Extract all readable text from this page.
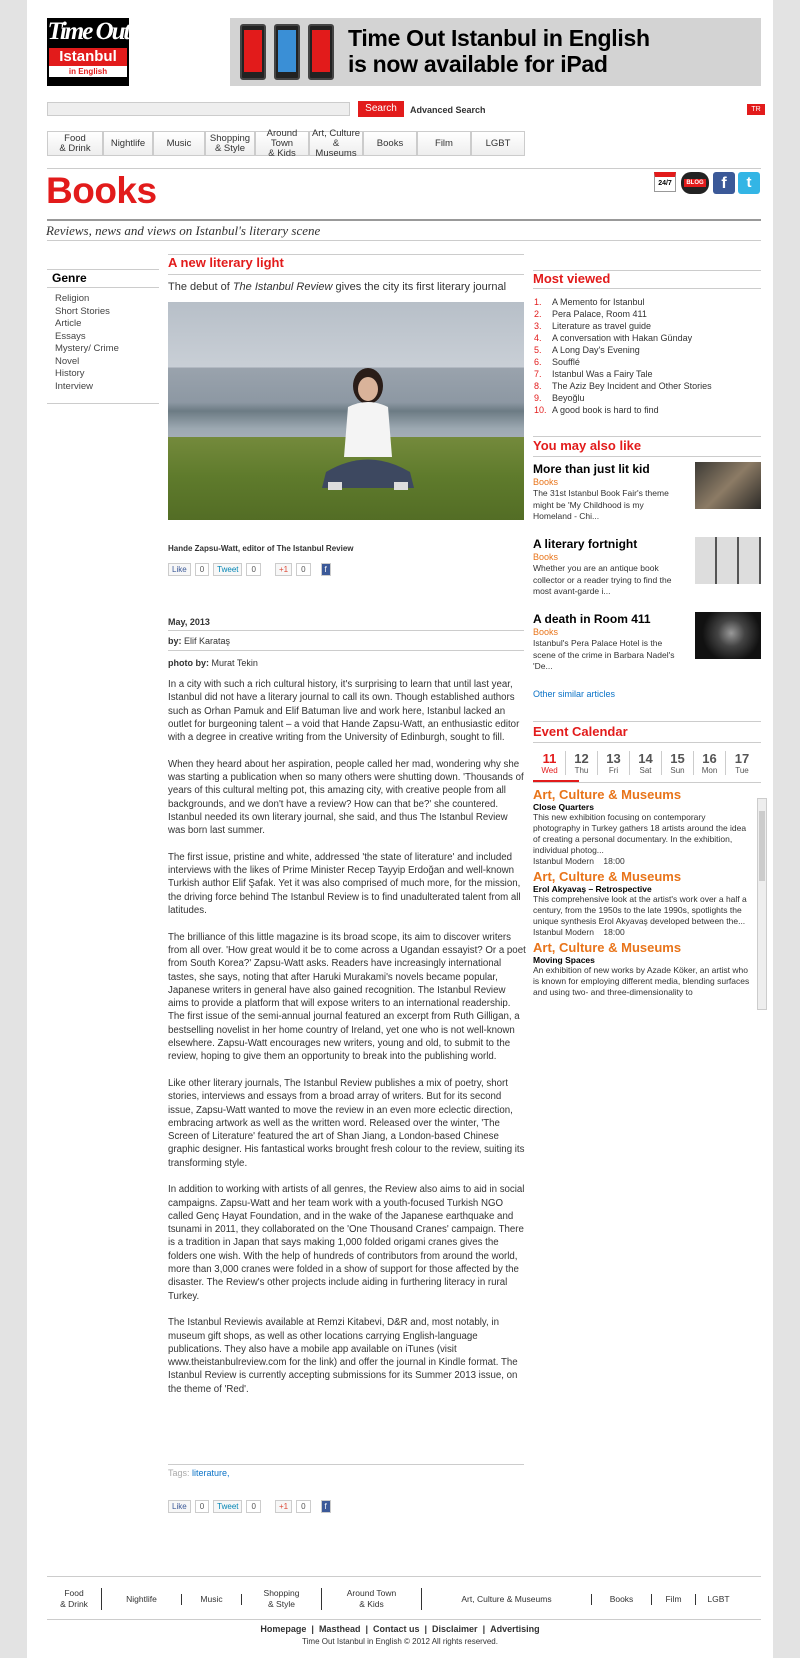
Time Out
Istanbul
in English
Time Out Istanbul in English
is now available for iPad
Search	Advanced Search	TR
Food
& Drink	Nightlife	Music	Shopping
& Style
Around Town
& Kids
Art, Culture &
Museums
Books	Film	LGBT
Books	24/7	BLOG	f	t
Reviews, news and views on Istanbul's literary scene
Genre
Religion
Short Stories
Article
Essays
Mystery/ Crime
Novel
History
Interview
A new literary light
The debut of The Istanbul Review gives the city its first literary journal
Hande Zapsu-Watt, editor of The Istanbul Review
Like	0	Tweet	0	+1	0	f
May, 2013
by: Elif Karataş
photo by: Murat Tekin

In a city with such a rich cultural history, it's surprising to learn that until last year, Istanbul did not have a literary journal to call its own. Though established authors such as Orhan Pamuk and Elif Batuman live and work here, Istanbul lacked an outlet for burgeoning talent – a void that Hande Zapsu-Watt, an enthusiastic editor with a degree in creative writing from the University of Edinburgh, sought to fill.

When they heard about her aspiration, people called her mad, wondering why she was starting a publication when so many others were shutting down. 'Thousands of years of this cultural melting pot, this amazing city, with creative people from all backgrounds, and we don't have a review? How can that be?' she countered. Istanbul needed its own literary journal, she said, and thus The Istanbul Review was born last summer.

The first issue, pristine and white, addressed 'the state of literature' and included interviews with the likes of Prime Minister Recep Tayyip Erdoğan and well-known Turkish author Elif Şafak. Yet it was also comprised of much more, for the mission, the driving force behind The Istanbul Review is to find unadulterated talent from all latitudes.

The brilliance of this little magazine is its broad scope, its aim to discover writers from all over. 'How great would it be to come across a Ugandan essayist? Or a poet from South Korea?' Zapsu-Watt asks. Readers have increasingly international tastes, she says, noting that after Haruki Murakami's novels became popular, Japanese writers in general have also gained recognition. The Istanbul Review aims to provide a platform that will expose writers to an international readership. The first issue of the semi-annual journal featured an excerpt from Ruth Gilligan, a bestselling novelist in her home country of Ireland, yet one who is not well-known elsewhere. Zapsu-Watt encourages new writers, young and old, to submit to the review, hoping to give them an opportunity to break into the publishing world.

Like other literary journals, The Istanbul Review publishes a mix of poetry, short stories, interviews and essays from a broad array of writers. But for its second issue, Zapsu-Watt wanted to move the review in an even more eclectic direction, embracing artwork as well as the written word. Released over the winter, 'The Screen of Literature' featured the art of Shan Jiang, a London-based Chinese graphic designer. His fantastical works brought fresh colour to the review, suiting its transforming style.

In addition to working with artists of all genres, the Review also aims to aid in social campaigns. Zapsu-Watt and her team work with a youth-focused Turkish NGO called Genç Hayat Foundation, and in the wake of the Japanese earthquake and tsunami in 2011, they collaborated on the 'One Thousand Cranes' campaign. There is a tradition in Japan that says making 1,000 folded origami cranes gives the folders one wish. With the help of hundreds of contributors from around the world, more than 3,000 cranes were folded in a show of support for those affected by the disaster. The Review's other projects include aiding in furthering literacy in rural Turkey.

The Istanbul Reviewis available at Remzi Kitabevi, D&R and, most notably, in museum gift shops, as well as other locations carrying English-language publications. They also have a mobile app available on iTunes (visit www.theistanbulreview.com for the link) and offer the journal in Kindle format. The Istanbul Review is currently accepting submissions for its Summer 2013 issue, on the theme of 'Red'.

Tags: literature,
Like	0	Tweet	0	+1	0	f
Most viewed
1. A Memento for Istanbul
2. Pera Palace, Room 411
3. Literature as travel guide
4. A conversation with Hakan Günday
5. A Long Day's Evening
6. Soufflé
7. Istanbul Was a Fairy Tale
8. The Aziz Bey Incident and Other Stories
9. Beyoğlu
10. A good book is hard to find
You may also like
More than just lit kid
Books
The 31st Istanbul Book Fair's theme might be 'My Childhood is my Homeland - Chi...
A literary fortnight
Books
Whether you are an antique book collector or a reader trying to find the most avant-garde i...
A death in Room 411
Books
Istanbul's Pera Palace Hotel is the scene of the crime in Barbara Nadel's 'De...
Other similar articles
Event Calendar
11
Wed
12
Thu
13
Fri
14
Sat
15
Sun
16
Mon
17
Tue
Art, Culture & Museums
Close Quarters
This new exhibition focusing on contemporary photography in Turkey gathers 18 artists around the idea of creating a personal documentary. In the exhibition, individual photog...
Istanbul Modern 18:00
Art, Culture & Museums
Erol Akyavaş – Retrospective
This comprehensive look at the artist's work over a half a century, from the 1950s to the late 1990s, spotlights the unique synthesis Erol Akyavaş developed between the...
Istanbul Modern 18:00
Art, Culture & Museums
Moving Spaces
An exhibition of new works by Azade Köker, an artist who is known for employing different media, blending surfaces and using two- and three-dimensionality to
Food
& Drink
Nightlife	Music
Shopping
& Style
Around Town
& Kids
Art, Culture & Museums	Books	Film	LGBT
Homepage  |  Masthead  |  Contact us  |  Disclaimer  |  Advertising
Time Out Istanbul in English © 2012 All rights reserved.
